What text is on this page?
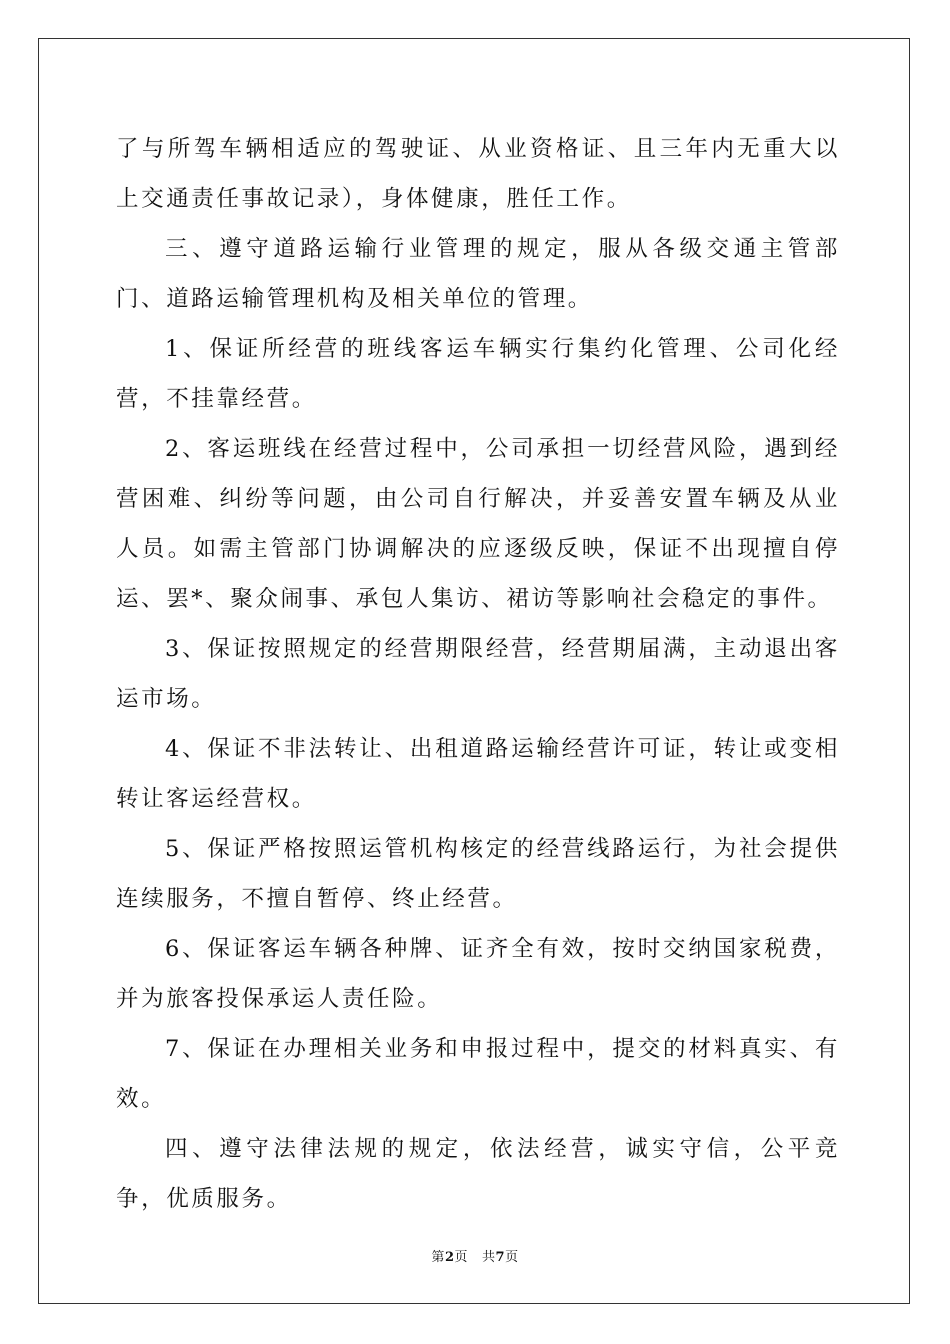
了与所驾车辆相适应的驾驶证、从业资格证、且三年内无重大以上交通责任事故记录），身体健康，胜任工作。

三、遵守道路运输行业管理的规定，服从各级交通主管部门、道路运输管理机构及相关单位的管理。

1、保证所经营的班线客运车辆实行集约化管理、公司化经营，不挂靠经营。

2、客运班线在经营过程中，公司承担一切经营风险，遇到经营困难、纠纷等问题，由公司自行解决，并妥善安置车辆及从业人员。如需主管部门协调解决的应逐级反映，保证不出现擅自停运、罢*、聚众闹事、承包人集访、裙访等影响社会稳定的事件。

3、保证按照规定的经营期限经营，经营期届满，主动退出客运市场。

4、保证不非法转让、出租道路运输经营许可证，转让或变相转让客运经营权。

5、保证严格按照运管机构核定的经营线路运行，为社会提供连续服务，不擅自暂停、终止经营。

6、保证客运车辆各种牌、证齐全有效，按时交纳国家税费，并为旅客投保承运人责任险。

7、保证在办理相关业务和申报过程中，提交的材料真实、有效。

四、遵守法律法规的规定，依法经营，诚实守信，公平竞争，优质服务。

第2页 共7页
